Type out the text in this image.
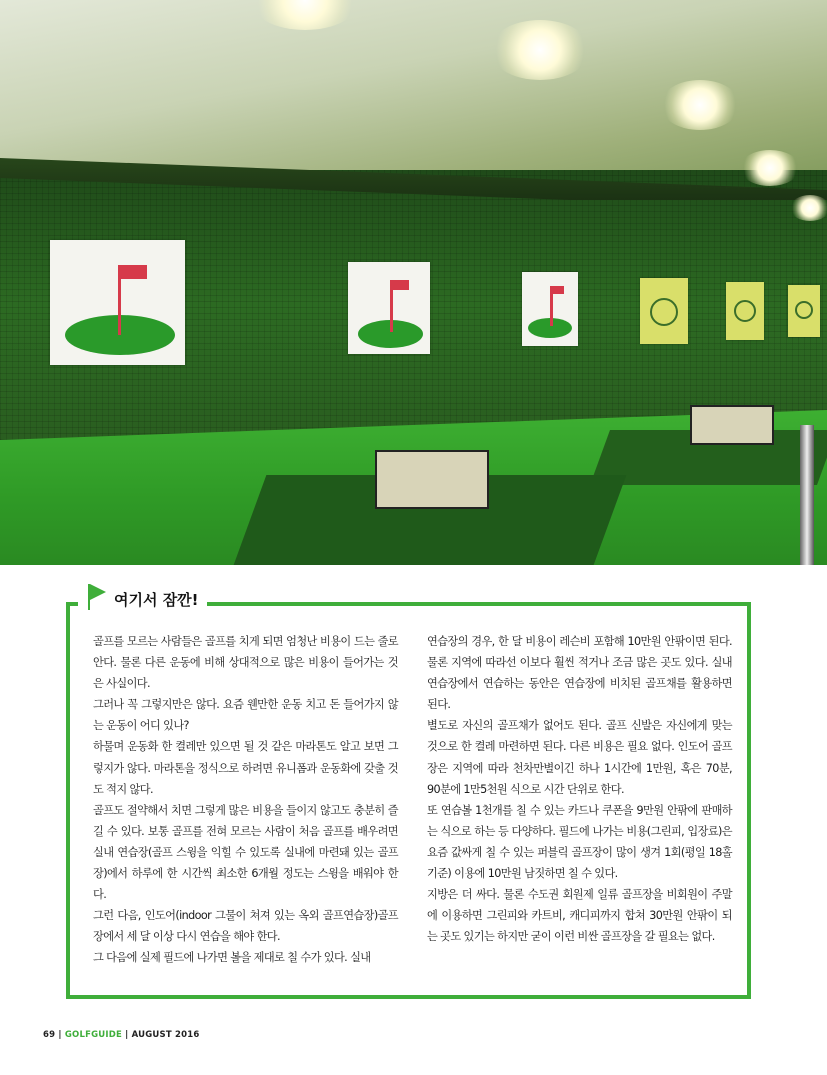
여기서 잠깐!

골프를 모르는 사람들은 골프를 치게 되면 엄청난 비용이 드는 줄로 안다. 물론 다른 운동에 비해 상대적으로 많은 비용이 들어가는 것은 사실이다.

그러나 꼭 그렇지만은 않다. 요즘 웬만한 운동 치고 돈 들어가지 않는 운동이 어디 있나?

하물며 운동화 한 켤레만 있으면 될 것 같은 마라톤도 알고 보면 그렇지가 않다. 마라톤을 정식으로 하려면 유니폼과 운동화에 갖출 것도 적지 않다.

골프도 절약해서 치면 그렇게 많은 비용을 들이지 않고도 충분히 즐길 수 있다. 보통 골프를 전혀 모르는 사람이 처음 골프를 배우려면 실내 연습장(골프 스윙을 익힐 수 있도록 실내에 마련돼 있는 골프장)에서 하루에 한 시간씩 최소한 6개월 정도는 스윙을 배워야 한다.

그런 다음, 인도어(indoor 그물이 쳐져 있는 옥외 골프연습장)골프장에서 세 달 이상 다시 연습을 해야 한다.

그 다음에 실제 필드에 나가면 볼을 제대로 칠 수가 있다. 실내

연습장의 경우, 한 달 비용이 레슨비 포함해 10만원 안팎이면 된다. 물론 지역에 따라선 이보다 훨씬 적거나 조금 많은 곳도 있다. 실내 연습장에서 연습하는 동안은 연습장에 비치된 골프채를 활용하면 된다.

별도로 자신의 골프채가 없어도 된다. 골프 신발은 자신에게 맞는 것으로 한 켤레 마련하면 된다. 다른 비용은 필요 없다. 인도어 골프장은 지역에 따라 천차만별이긴 하나 1시간에 1만원, 혹은 70분, 90분에 1만5천원 식으로 시간 단위로 한다.

또 연습볼 1천개를 칠 수 있는 카드나 쿠폰을 9만원 안팎에 판매하는 식으로 하는 등 다양하다. 필드에 나가는 비용(그린피, 입장료)은 요즘 값싸게 칠 수 있는 퍼블릭 골프장이 많이 생겨 1회(평일 18홀 기준) 이용에 10만원 남짓하면 칠 수 있다.

지방은 더 싸다. 물론 수도권 회원제 일류 골프장을 비회원이 주말에 이용하면 그린피와 카트비, 캐디피까지 합쳐 30만원 안팎이 되는 곳도 있기는 하지만 굳이 이런 비싼 골프장을 갈 필요는 없다.

69 | GOLFGUIDE | AUGUST 2016
